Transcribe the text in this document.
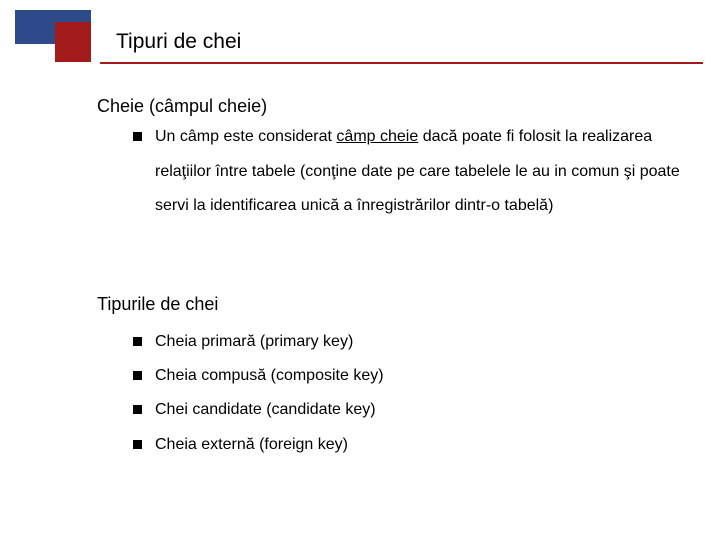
Tipuri de chei
Cheie (câmpul cheie)
Un câmp este considerat câmp cheie dacă poate fi folosit la realizarea relaţiilor între tabele (conţine date pe care tabelele le au in comun şi poate servi la identificarea unică a înregistrărilor dintr-o tabelă)
Tipurile de chei
Cheia primară (primary key)
Cheia compusă (composite key)
Chei candidate (candidate key)
Cheia externă (foreign key)
